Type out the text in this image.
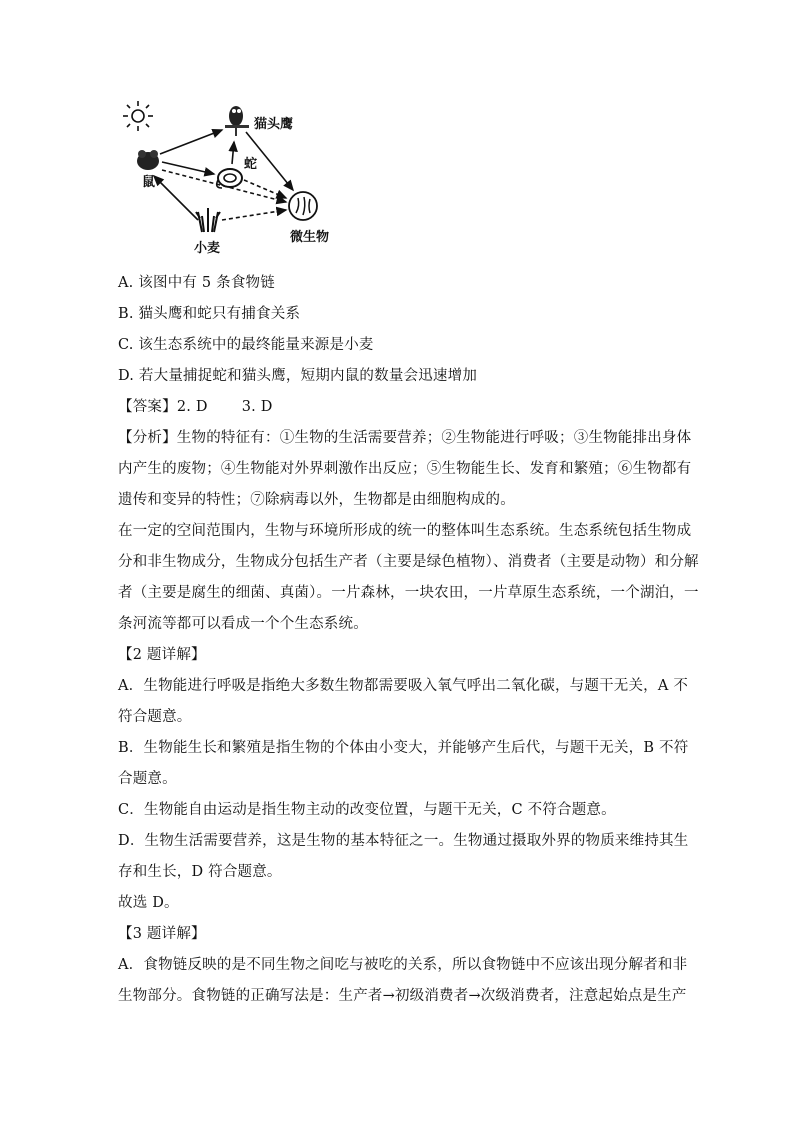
猫头鹰
蛇
鼠
小麦
微生物
A. 该图中有 5 条食物链
B. 猫头鹰和蛇只有捕食关系
C. 该生态系统中的最终能量来源是小麦
D. 若大量捕捉蛇和猫头鹰，短期内鼠的数量会迅速增加
【答案】2. D 3. D
【分析】生物的特征有：①生物的生活需要营养；②生物能进行呼吸；③生物能排出身体
内产生的废物；④生物能对外界刺激作出反应；⑤生物能生长、发育和繁殖；⑥生物都有
遗传和变异的特性；⑦除病毒以外，生物都是由细胞构成的。
在一定的空间范围内，生物与环境所形成的统一的整体叫生态系统。生态系统包括生物成
分和非生物成分，生物成分包括生产者（主要是绿色植物）、消费者（主要是动物）和分解
者（主要是腐生的细菌、真菌）。一片森林，一块农田，一片草原生态系统，一个湖泊，一
条河流等都可以看成一个个生态系统。
【2 题详解】
A．生物能进行呼吸是指绝大多数生物都需要吸入氧气呼出二氧化碳，与题干无关，A 不
符合题意。
B．生物能生长和繁殖是指生物的个体由小变大，并能够产生后代，与题干无关，B 不符
合题意。
C．生物能自由运动是指生物主动的改变位置，与题干无关，C 不符合题意。
D．生物生活需要营养，这是生物的基本特征之一。生物通过摄取外界的物质来维持其生
存和生长，D 符合题意。
故选 D。
【3 题详解】
A．食物链反映的是不同生物之间吃与被吃的关系，所以食物链中不应该出现分解者和非
生物部分。食物链的正确写法是：生产者→初级消费者→次级消费者，注意起始点是生产
